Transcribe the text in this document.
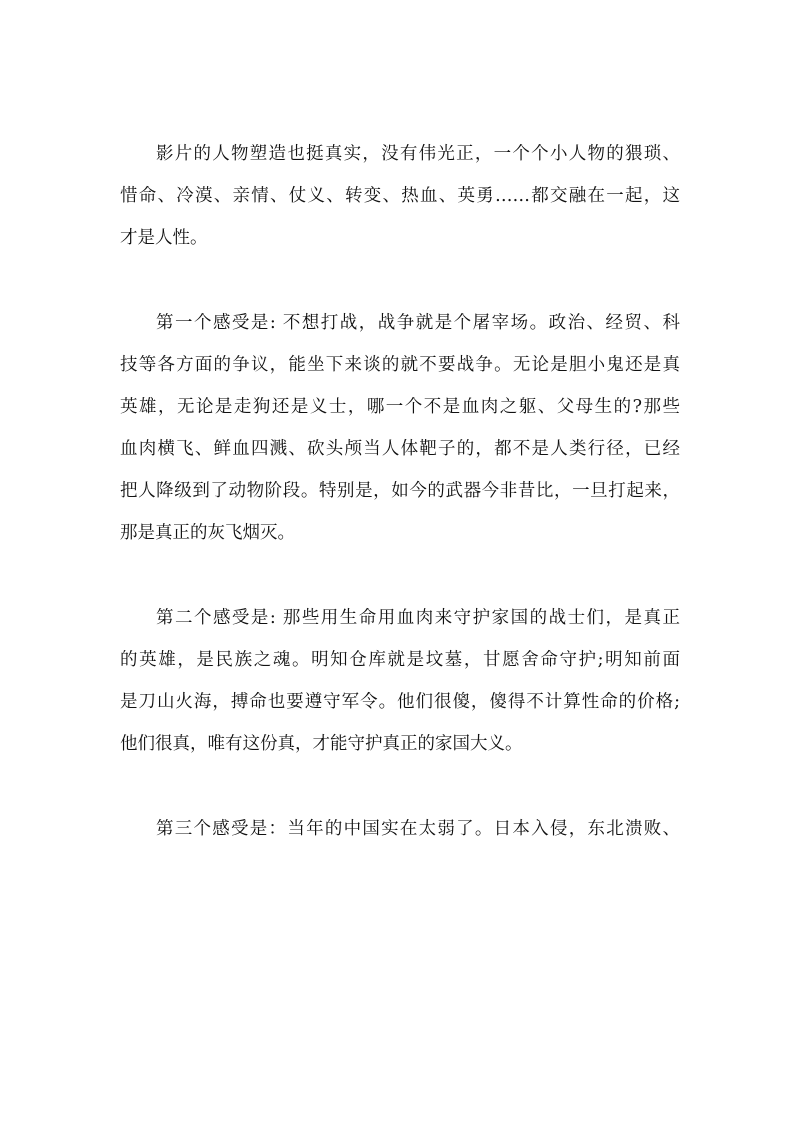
影片的人物塑造也挺真实，没有伟光正，一个个小人物的猥琐、
惜命、冷漠、亲情、仗义、转变、热血、英勇……都交融在一起，这
才是人性。
第一个感受是: 不想打战，战争就是个屠宰场。政治、经贸、科
技等各方面的争议，能坐下来谈的就不要战争。无论是胆小鬼还是真
英雄，无论是走狗还是义士，哪一个不是血肉之躯、父母生的?那些
血肉横飞、鲜血四溅、砍头颅当人体靶子的，都不是人类行径，已经
把人降级到了动物阶段。特别是，如今的武器今非昔比，一旦打起来，
那是真正的灰飞烟灭。
第二个感受是: 那些用生命用血肉来守护家国的战士们，是真正
的英雄，是民族之魂。明知仓库就是坟墓，甘愿舍命守护;明知前面
是刀山火海，搏命也要遵守军令。他们很傻，傻得不计算性命的价格;
他们很真，唯有这份真，才能守护真正的家国大义。
第三个感受是：当年的中国实在太弱了。日本入侵，东北溃败、
